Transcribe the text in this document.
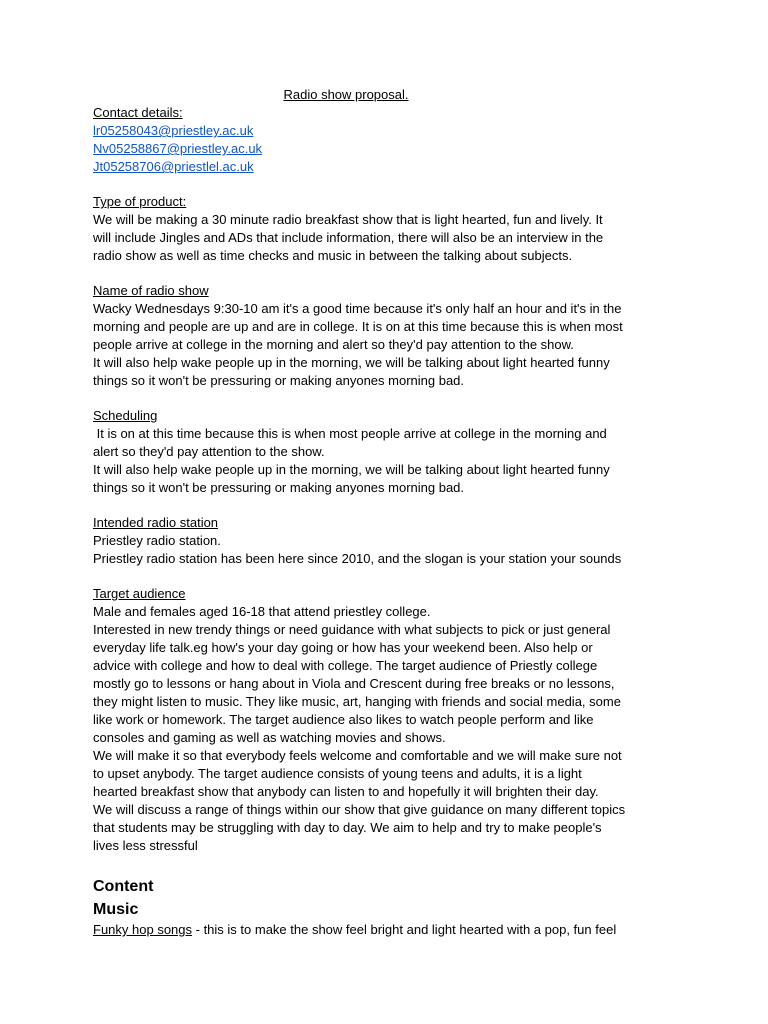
Radio show proposal.
Contact details:
lr05258043@priestley.ac.uk
Nv05258867@priestley.ac.uk
Jt05258706@priestlel.ac.uk
Type of product:
We will be making a 30 minute radio breakfast show that is light hearted, fun and lively. It
will include Jingles and ADs that include information, there will also be an interview in the
radio show as well as time checks and music in between the talking about subjects.
Name of radio show
Wacky Wednesdays 9:30-10 am it's a good time because it's only half an hour and it's in the
morning and people are up and are in college. It is on at this time because this is when most
people arrive at college in the morning and alert so they'd pay attention to the show.
It will also help wake people up in the morning, we will be talking about light hearted funny
things so it won't be pressuring or making anyones morning bad.
Scheduling
It is on at this time because this is when most people arrive at college in the morning and
alert so they'd pay attention to the show.
It will also help wake people up in the morning, we will be talking about light hearted funny
things so it won't be pressuring or making anyones morning bad.
Intended radio station
Priestley radio station.
Priestley radio station has been here since 2010, and the slogan is your station your sounds
Target audience
Male and females aged 16-18 that attend priestley college.
Interested in new trendy things or need guidance with what subjects to pick or just general
everyday life talk.eg how's your day going or how has your weekend been. Also help or
advice with college and how to deal with college. The target audience of Priestly college
mostly go to lessons or hang about in Viola and Crescent during free breaks or no lessons,
they might listen to music. They like music, art, hanging with friends and social media, some
like work or homework. The target audience also likes to watch people perform and like
consoles and gaming as well as watching movies and shows.
We will make it so that everybody feels welcome and comfortable and we will make sure not
to upset anybody. The target audience consists of young teens and adults, it is a light
hearted breakfast show that anybody can listen to and hopefully it will brighten their day.
We will discuss a range of things within our show that give guidance on many different topics
that students may be struggling with day to day. We aim to help and try to make people's
lives less stressful
Content
Music
Funky hop songs - this is to make the show feel bright and light hearted with a pop, fun feel
